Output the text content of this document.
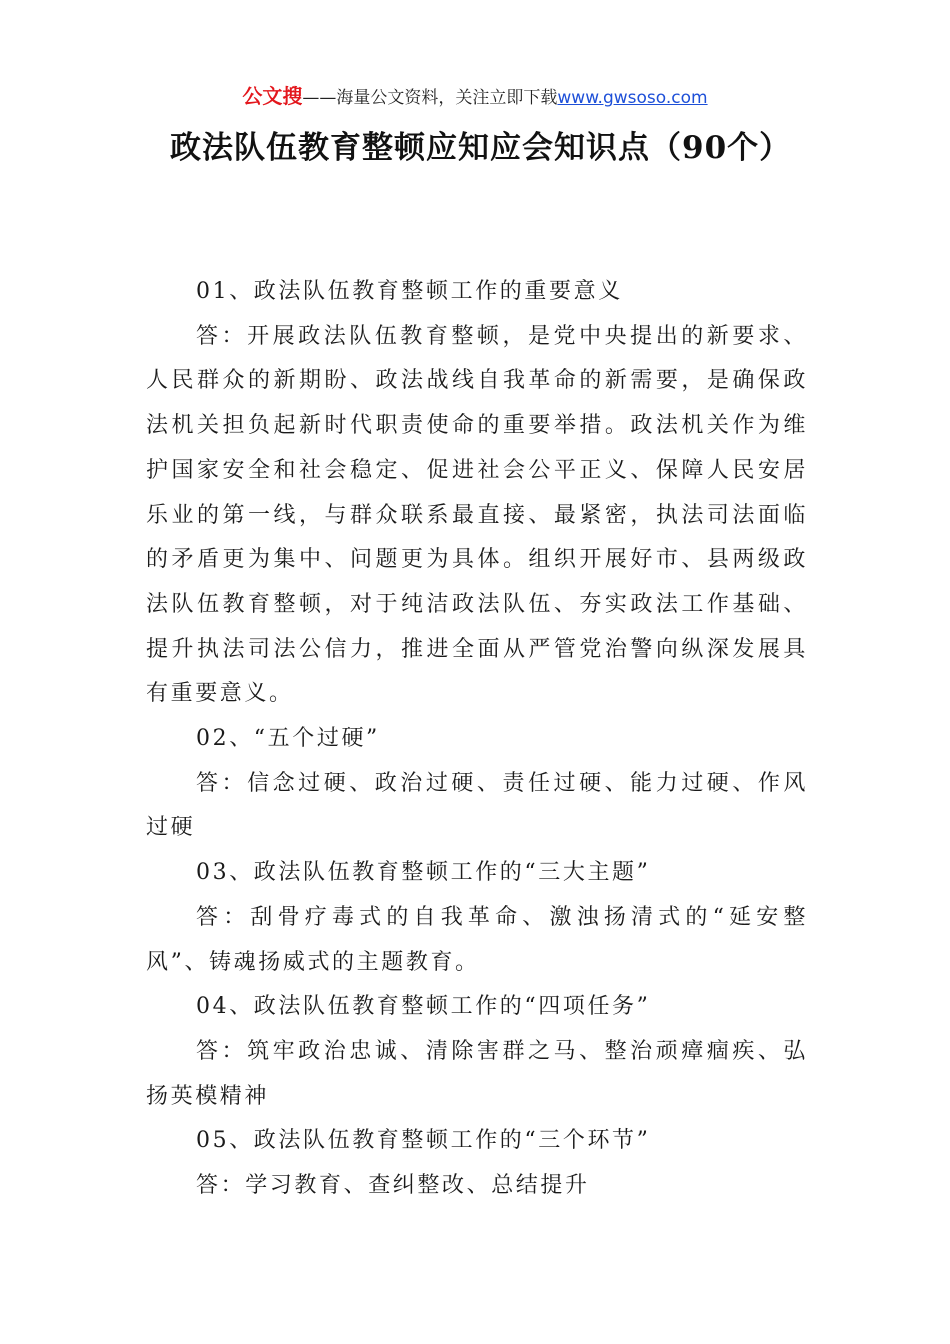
公文搜——海量公文资料，关注立即下载www.gwsoso.com
政法队伍教育整顿应知应会知识点（90个）

01、政法队伍教育整顿工作的重要意义

答：开展政法队伍教育整顿，是党中央提出的新要求、人民群众的新期盼、政法战线自我革命的新需要，是确保政法机关担负起新时代职责使命的重要举措。政法机关作为维护国家安全和社会稳定、促进社会公平正义、保障人民安居乐业的第一线，与群众联系最直接、最紧密，执法司法面临的矛盾更为集中、问题更为具体。组织开展好市、县两级政法队伍教育整顿，对于纯洁政法队伍、夯实政法工作基础、提升执法司法公信力，推进全面从严管党治警向纵深发展具有重要意义。

02、“五个过硬”

答：信念过硬、政治过硬、责任过硬、能力过硬、作风过硬

03、政法队伍教育整顿工作的“三大主题”

答：刮骨疗毒式的自我革命、激浊扬清式的“延安整风”、铸魂扬威式的主题教育。

04、政法队伍教育整顿工作的“四项任务”

答：筑牢政治忠诚、清除害群之马、整治顽瘴痼疾、弘扬英模精神

05、政法队伍教育整顿工作的“三个环节”

答：学习教育、查纠整改、总结提升
